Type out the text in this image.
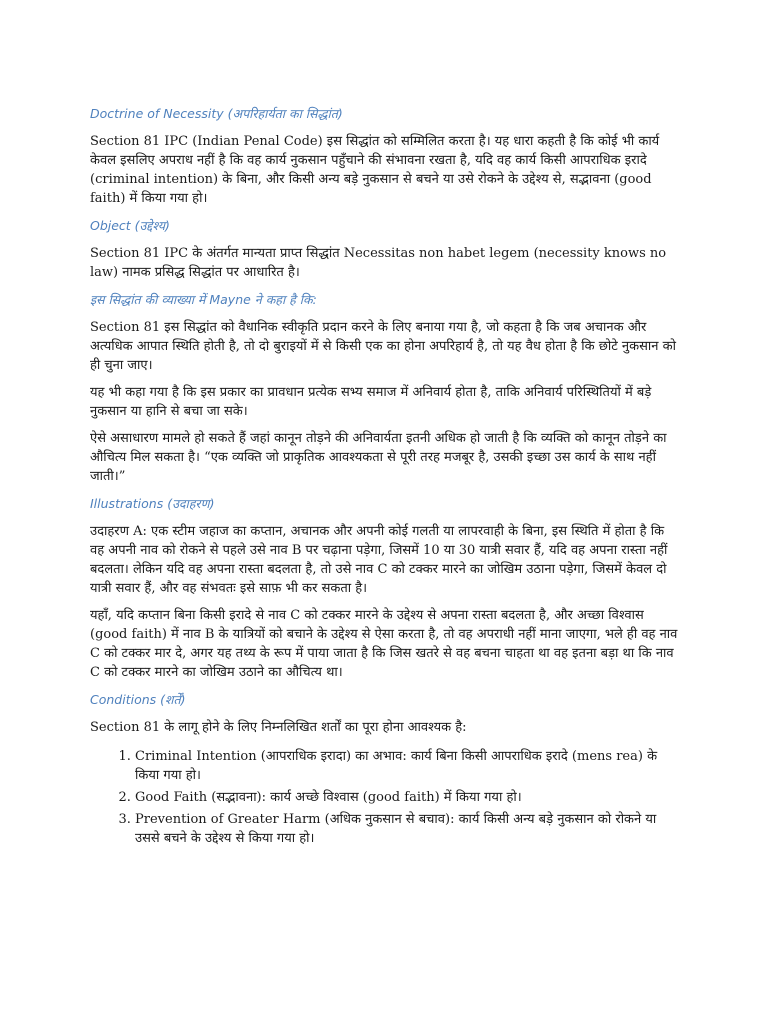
Doctrine of Necessity (अपरिहार्यता का सिद्धांत)

Section 81 IPC (Indian Penal Code) इस सिद्धांत को सम्मिलित करता है। यह धारा कहती है कि कोई भी कार्य केवल इसलिए अपराध नहीं है कि वह कार्य नुकसान पहुँचाने की संभावना रखता है, यदि वह कार्य किसी आपराधिक इरादे (criminal intention) के बिना, और किसी अन्य बड़े नुकसान से बचने या उसे रोकने के उद्देश्य से, सद्भावना (good faith) में किया गया हो।

Object (उद्देश्य)

Section 81 IPC के अंतर्गत मान्यता प्राप्त सिद्धांत Necessitas non habet legem (necessity knows no law) नामक प्रसिद्ध सिद्धांत पर आधारित है।

इस सिद्धांत की व्याख्या में Mayne ने कहा है कि:

Section 81 इस सिद्धांत को वैधानिक स्वीकृति प्रदान करने के लिए बनाया गया है, जो कहता है कि जब अचानक और अत्यधिक आपात स्थिति होती है, तो दो बुराइयों में से किसी एक का होना अपरिहार्य है, तो यह वैध होता है कि छोटे नुकसान को ही चुना जाए।

यह भी कहा गया है कि इस प्रकार का प्रावधान प्रत्येक सभ्य समाज में अनिवार्य होता है, ताकि अनिवार्य परिस्थितियों में बड़े नुकसान या हानि से बचा जा सके।

ऐसे असाधारण मामले हो सकते हैं जहां कानून तोड़ने की अनिवार्यता इतनी अधिक हो जाती है कि व्यक्ति को कानून तोड़ने का औचित्य मिल सकता है। “एक व्यक्ति जो प्राकृतिक आवश्यकता से पूरी तरह मजबूर है, उसकी इच्छा उस कार्य के साथ नहीं जाती।”

Illustrations (उदाहरण)

उदाहरण A: एक स्टीम जहाज का कप्तान, अचानक और अपनी कोई गलती या लापरवाही के बिना, इस स्थिति में होता है कि वह अपनी नाव को रोकने से पहले उसे नाव B पर चढ़ाना पड़ेगा, जिसमें 10 या 30 यात्री सवार हैं, यदि वह अपना रास्ता नहीं बदलता। लेकिन यदि वह अपना रास्ता बदलता है, तो उसे नाव C को टक्कर मारने का जोखिम उठाना पड़ेगा, जिसमें केवल दो यात्री सवार हैं, और वह संभवतः इसे साफ़ भी कर सकता है।

यहाँ, यदि कप्तान बिना किसी इरादे से नाव C को टक्कर मारने के उद्देश्य से अपना रास्ता बदलता है, और अच्छा विश्वास (good faith) में नाव B के यात्रियों को बचाने के उद्देश्य से ऐसा करता है, तो वह अपराधी नहीं माना जाएगा, भले ही वह नाव C को टक्कर मार दे, अगर यह तथ्य के रूप में पाया जाता है कि जिस खतरे से वह बचना चाहता था वह इतना बड़ा था कि नाव C को टक्कर मारने का जोखिम उठाने का औचित्य था।

Conditions (शर्तें)

Section 81 के लागू होने के लिए निम्नलिखित शर्तों का पूरा होना आवश्यक है:

1. Criminal Intention (आपराधिक इरादा) का अभाव: कार्य बिना किसी आपराधिक इरादे (mens rea) के किया गया हो।
2. Good Faith (सद्भावना): कार्य अच्छे विश्वास (good faith) में किया गया हो।
3. Prevention of Greater Harm (अधिक नुकसान से बचाव): कार्य किसी अन्य बड़े नुकसान को रोकने या उससे बचने के उद्देश्य से किया गया हो।
